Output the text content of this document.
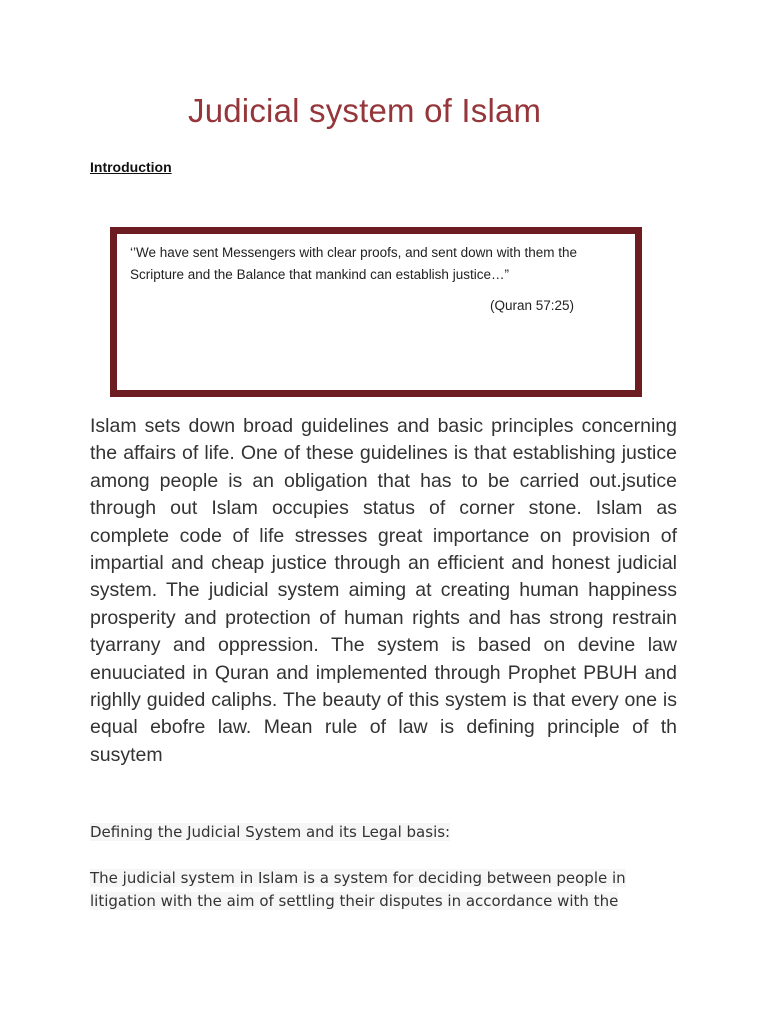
Judicial system of Islam
Introduction
‘’We have sent Messengers with clear proofs, and sent down with them the Scripture and the Balance that mankind can establish justice…”
(Quran 57:25)
Islam sets down broad guidelines and basic principles concerning the affairs of life. One of these guidelines is that establishing justice among people is an obligation that has to be carried out.jsutice through out Islam occupies status of corner stone. Islam as complete code of life stresses great importance on provision of impartial and cheap justice through an efficient and honest judicial system. The judicial system aiming at creating human happiness prosperity and protection of human rights and has strong restrain tyarrany and oppression. The system is based on devine law enuuciated in Quran and implemented through Prophet PBUH and righlly guided caliphs. The beauty of this system is that every one is equal ebofre law. Mean rule of law is defining principle of th susytem
Defining the Judicial System and its Legal basis:
The judicial system in Islam is a system for deciding between people in
litigation with the aim of settling their disputes in accordance with the
